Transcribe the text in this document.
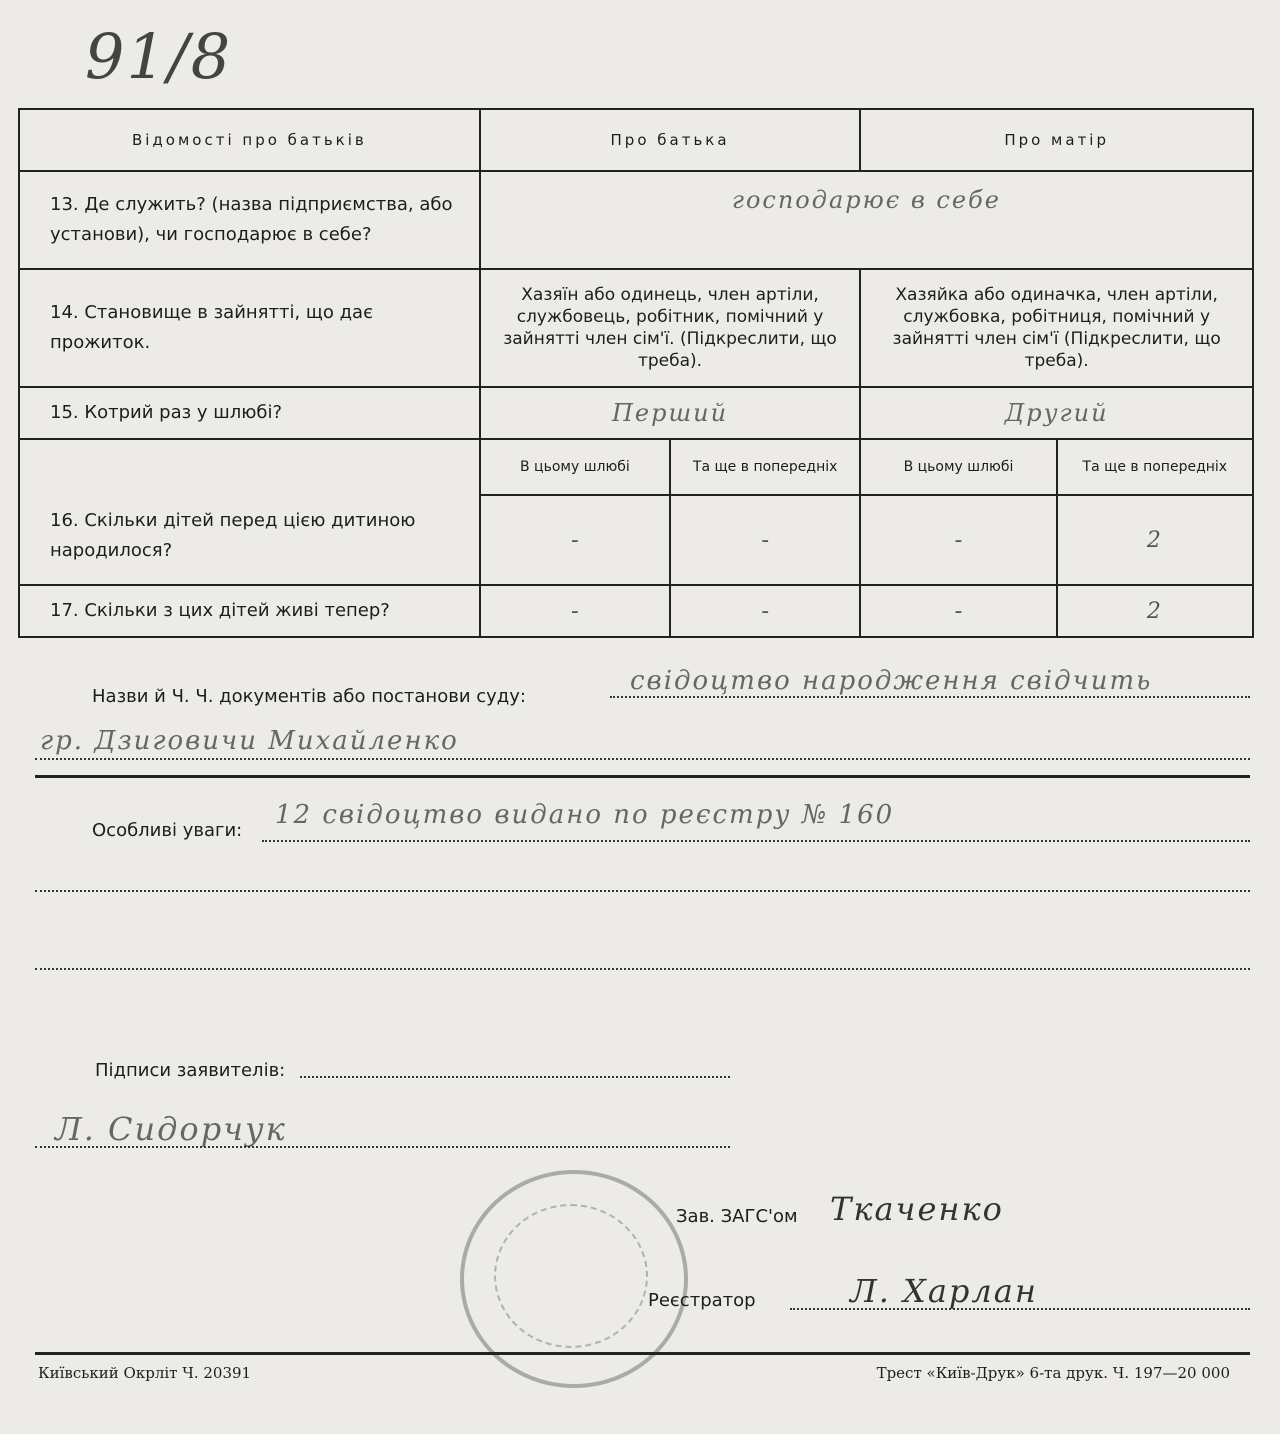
91/8
Відомості про батьків	Про батька		Про матір	
13. Де служить? (назва підприємства, або установи), чи господарює в себе?	господарює в себе			
14. Становище в зайнятті, що дає прожиток.	Хазяїн або одинець, член артіли, службовець, робітник, помічний у зайнятті член сім'ї. (Підкреслити, що треба).		Хазяйка або одиначка, член артіли, службовка, робітниця, помічний у зайнятті член сім'ї (Підкреслити, що треба).	
15. Котрий раз у шлюбі?	Перший		Другий	
16. Скільки дітей перед цією дитиною народилося?	В цьому шлюбі	Та ще в попередніх	В цьому шлюбі	Та ще в попередніх
	-	-	-	2
17. Скільки з цих дітей живі тепер?	-	-	-	2
Назви й Ч. Ч. документів або постанови суду:
свідоцтво народження свідчить
гр. Дзиговичи Михайленко
Особливі уваги:
12 свідоцтво видано по реєстру № 160
Підписи заявителів:
Л. Сидорчук
Зав. ЗАГС'ом Ткаченко
Реєстратор	Л. Харлан
Київський Окрліт Ч. 20391	Трест «Київ-Друк» 6-та друк. Ч. 197—20 000
